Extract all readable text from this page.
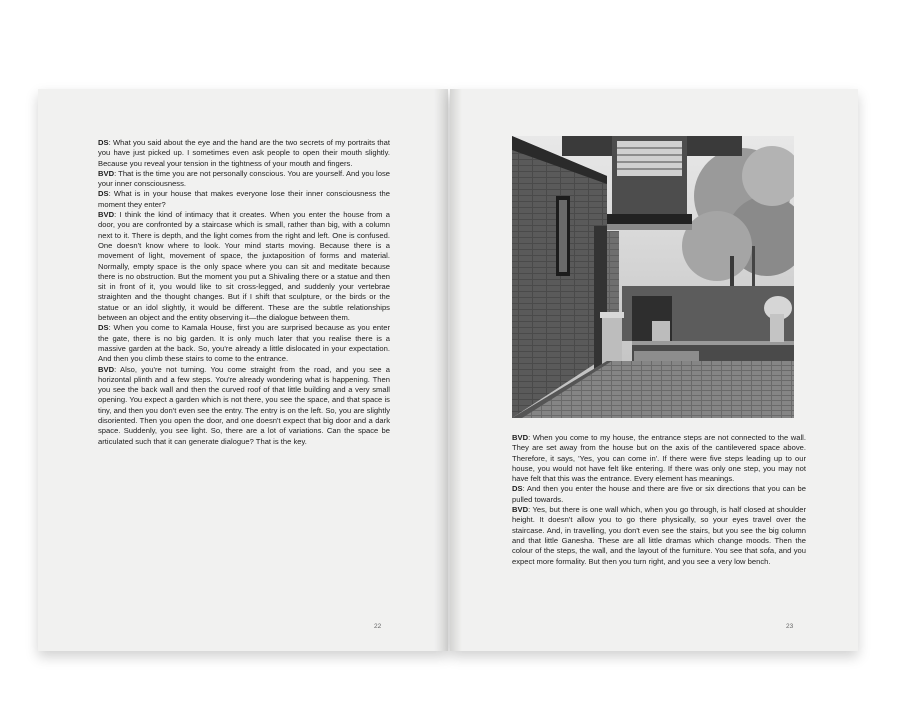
DS: What you said about the eye and the hand are the two secrets of my portraits that you have just picked up. I sometimes even ask people to open their mouth slightly. Because you reveal your tension in the tightness of your mouth and fingers.

BVD: That is the time you are not personally conscious. You are yourself. And you lose your inner consciousness.

DS: What is in your house that makes everyone lose their inner consciousness the moment they enter?

BVD: I think the kind of intimacy that it creates. When you enter the house from a door, you are confronted by a staircase which is small, rather than big, with a column next to it. There is depth, and the light comes from the right and left. One is confused. One doesn't know where to look. Your mind starts moving. Because there is a movement of light, movement of space, the juxtaposition of forms and material. Normally, empty space is the only space where you can sit and meditate because there is no obstruction. But the moment you put a Shivaling there or a statue and then sit in front of it, you would like to sit cross-legged, and suddenly your vertebrae straighten and the thought changes. But if I shift that sculpture, or the birds or the statue or an idol slightly, it would be different. These are the subtle relationships between an object and the entity observing it—the dialogue between them.

DS: When you come to Kamala House, first you are surprised because as you enter the gate, there is no big garden. It is only much later that you realise there is a massive garden at the back. So, you're already a little dislocated in your expectation. And then you climb these stairs to come to the entrance.

BVD: Also, you're not turning. You come straight from the road, and you see a horizontal plinth and a few steps. You're already wondering what is happening. Then you see the back wall and then the curved roof of that little building and a very small opening. You expect a garden which is not there, you see the space, and that space is tiny, and then you don't even see the entry. The entry is on the left. So, you are slightly disoriented. Then you open the door, and one doesn't expect that big door and a dark space. Suddenly, you see light. So, there are a lot of variations. Can the space be articulated such that it can generate dialogue? That is the key.

22

BVD: When you come to my house, the entrance steps are not connected to the wall. They are set away from the house but on the axis of the cantilevered space above. Therefore, it says, 'Yes, you can come in'. If there were five steps leading up to our house, you would not have felt like entering. If there was only one step, you may not have felt that this was the entrance. Every element has meanings.

DS: And then you enter the house and there are five or six directions that you can be pulled towards.

BVD: Yes, but there is one wall which, when you go through, is half closed at shoulder height. It doesn't allow you to go there physically, so your eyes travel over the staircase. And, in travelling, you don't even see the stairs, but you see the big column and that little Ganesha. These are all little dramas which change moods. Then the colour of the steps, the wall, and the layout of the furniture. You see that sofa, and you expect more formality. But then you turn right, and you see a very low bench.

23
